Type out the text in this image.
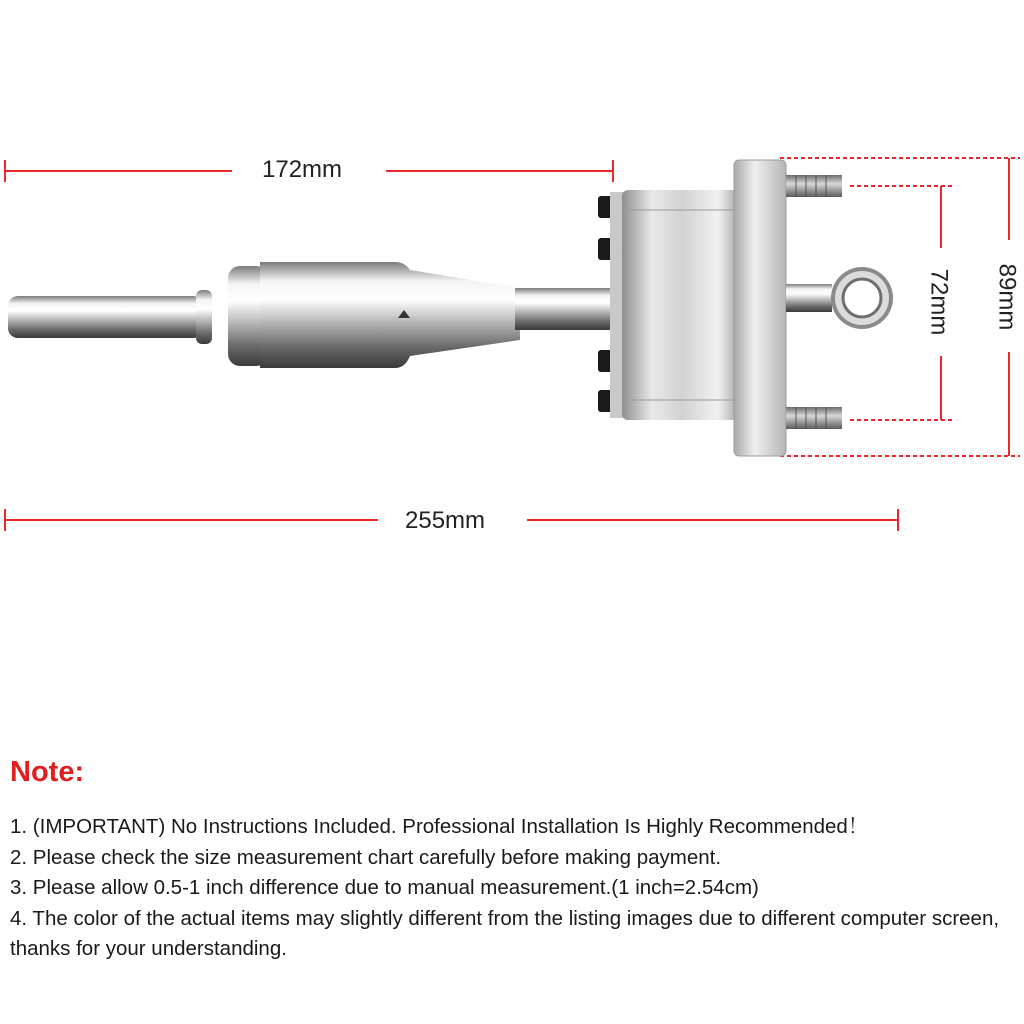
172mm
255mm
89mm
72mm
Note:
1. (IMPORTANT) No Instructions Included. Professional Installation Is Highly Recommended！
2. Please check the size measurement chart carefully before making payment.
3. Please allow 0.5-1 inch difference due to manual measurement.(1 inch=2.54cm)
4. The color of the actual items may slightly different from the listing images due to different computer screen, thanks for your understanding.
